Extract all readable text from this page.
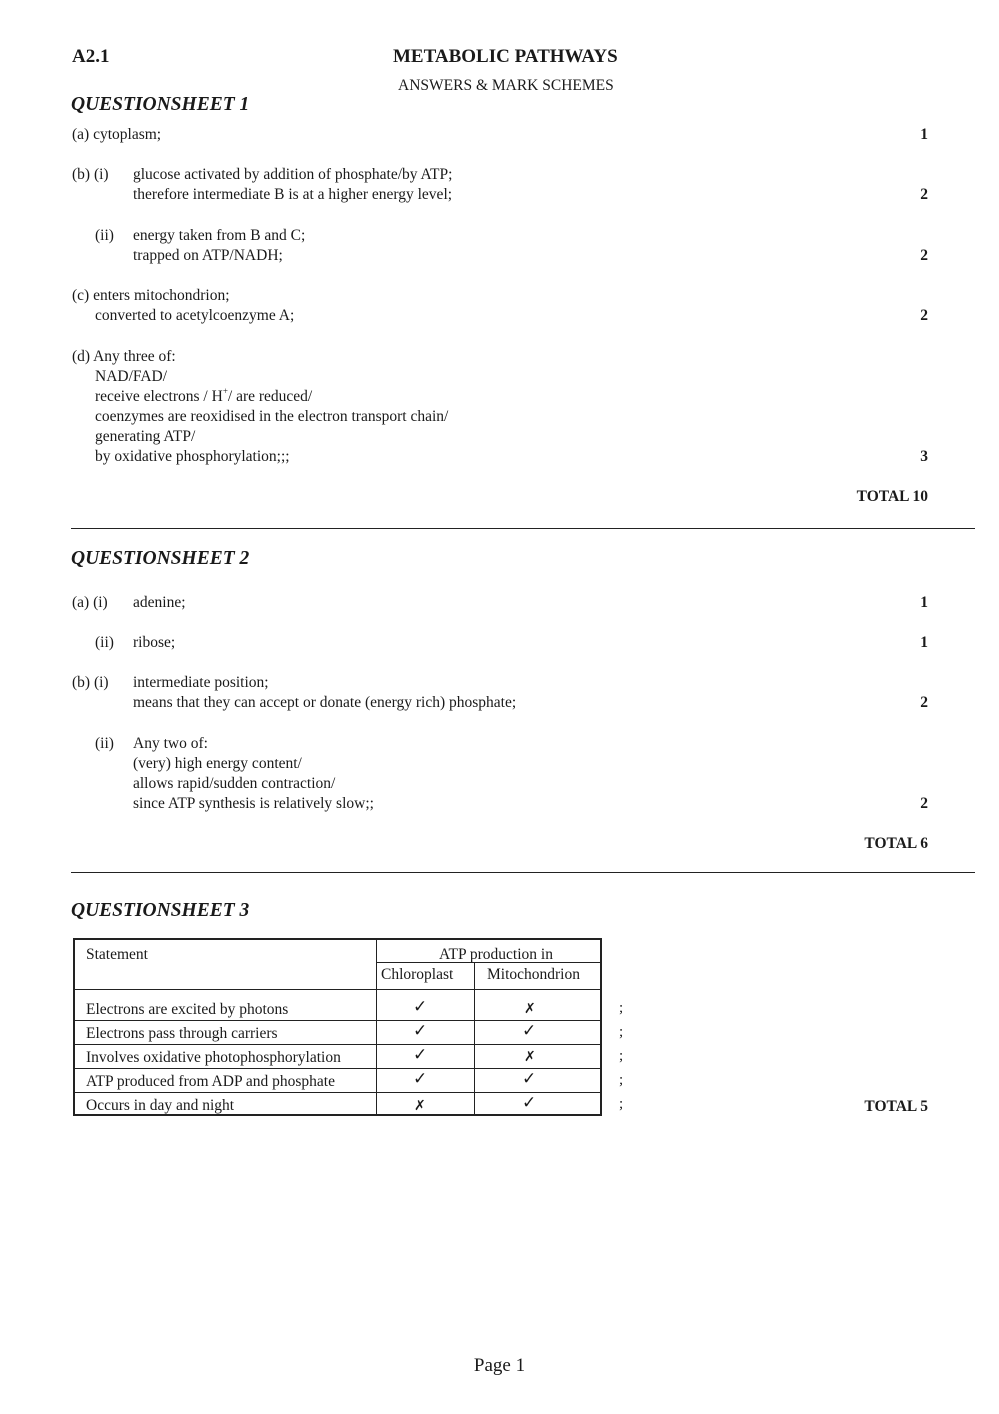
A2.1	METABOLIC PATHWAYS
ANSWERS & MARK SCHEMES
QUESTIONSHEET 1
(a) cytoplasm;	1
(b) (i) glucose activated by addition of phosphate/by ATP;
therefore intermediate B is at a higher energy level;	2
(ii) energy taken from B and C;
trapped on ATP/NADH;	2
(c) enters mitochondrion;
converted to acetylcoenzyme A;	2
(d) Any three of:
NAD/FAD/
receive electrons / H+/ are reduced/
coenzymes are reoxidised in the electron transport chain/
generating ATP/
by oxidative phosphorylation;;;	3
TOTAL 10
QUESTIONSHEET 2
(a) (i) adenine;	1
(ii) ribose;	1
(b) (i) intermediate position;
means that they can accept or donate (energy rich) phosphate;	2
(ii) Any two of:
(very) high energy content/
allows rapid/sudden contraction/
since ATP synthesis is relatively slow;;	2
TOTAL 6
QUESTIONSHEET 3
Statement	ATP production in
Chloroplast Mitochondrion
Electrons are excited by photons	✓	✗
Electrons pass through carriers	✓	✓
Involves oxidative photophosphorylation	✓	✗
ATP produced from ADP and phosphate	✓	✓
Occurs in day and night	✗	✓
;
;
;
;
;	TOTAL 5
Page 1
